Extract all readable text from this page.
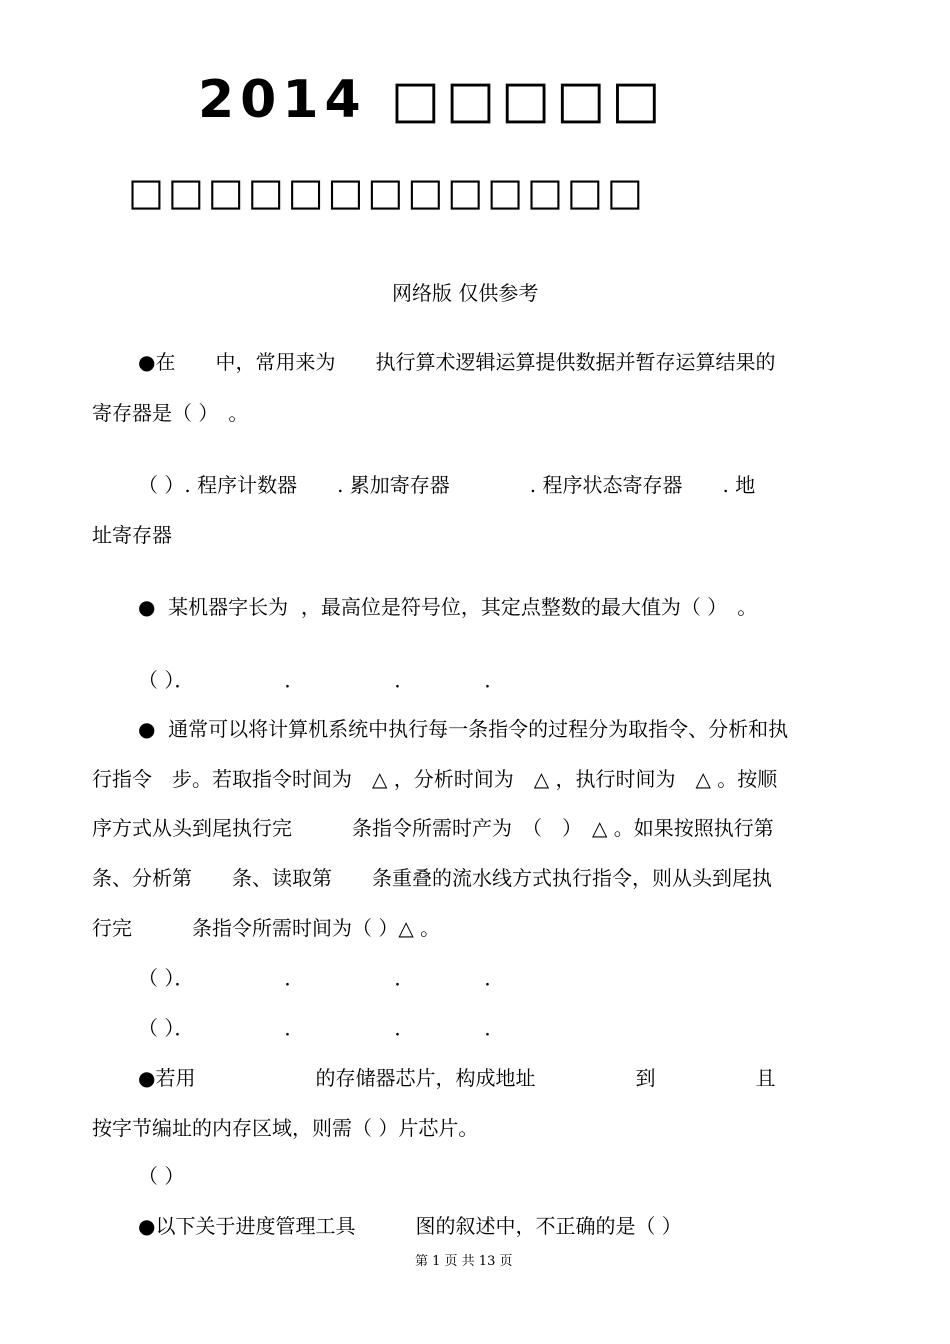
2014 □□□□□
□□□□□□□□□□□□□
网络版 仅供参考
●在　　中，常用来为　　执行算术逻辑运算提供数据并暂存运算结果的
寄存器是（ ）　。
（ ）. 程序计数器　　. 累加寄存器　　　　. 程序状态寄存器　　. 地
址寄存器
●  某机器字长为  ，最高位是符号位，其定点整数的最大值为（ ）　。
（ ）．　　　　　．　　　　　．　　　　．
●  通常可以将计算机系统中执行每一条指令的过程分为取指令、分析和执
行指令　步。若取指令时间为　△ ，分析时间为　△ ，执行时间为　△ 。按顺
序方式从头到尾执行完　　　条指令所需时产为　（　）　△ 。如果按照执行第
条、分析第　　条、读取第　　条重叠的流水线方式执行指令，则从头到尾执
行完　　　条指令所需时间为（ ）△ 。
（ ）．　　　　　．　　　　　．　　　　．
（ ）．　　　　　．　　　　　．　　　　．
●若用　　　　　　的存储器芯片，构成地址　　　　　到　　　　　且
按字节编址的内存区域，则需（ ）片芯片。
（ ）
●以下关于进度管理工具　　　图的叙述中，不正确的是（ ）
第 1 页 共 13 页
